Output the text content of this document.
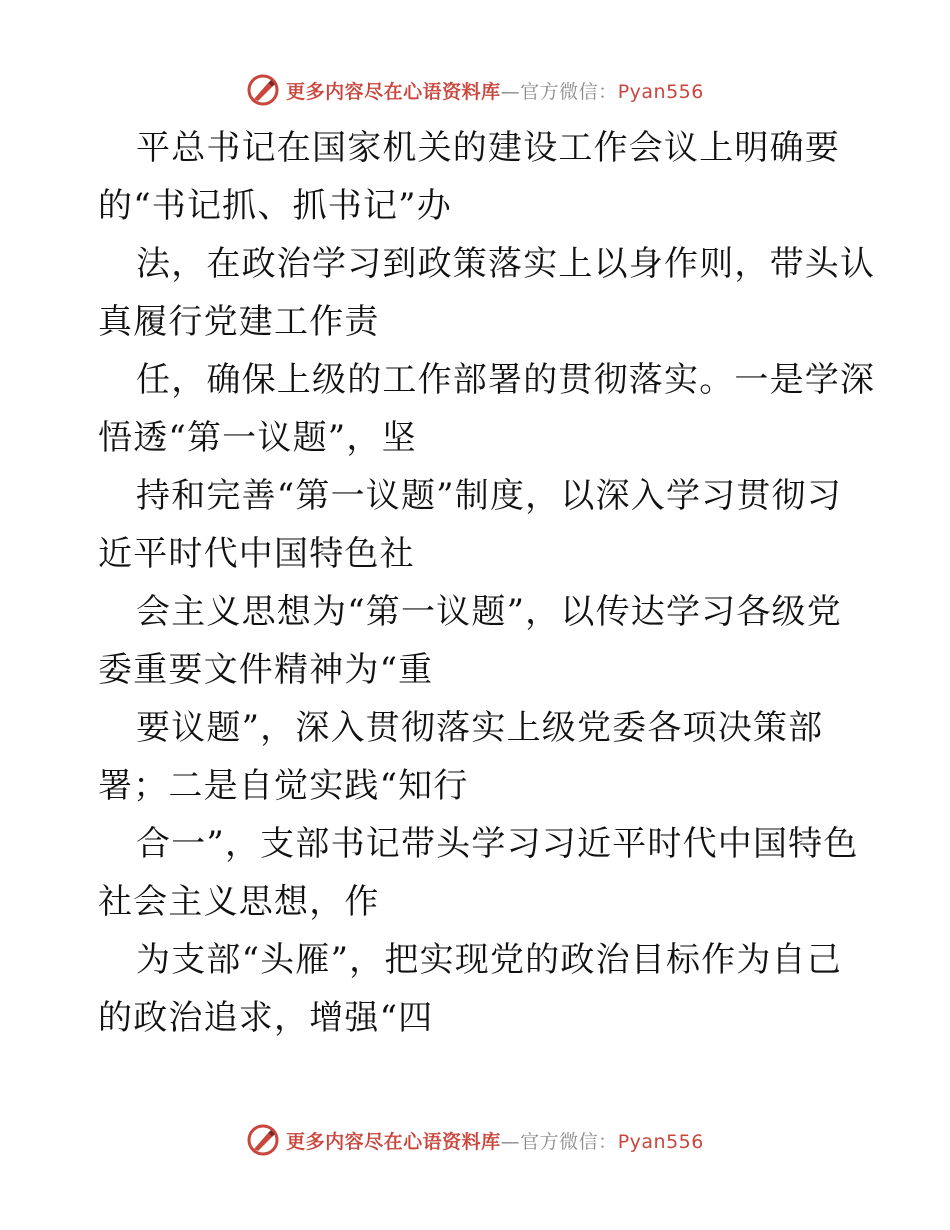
更多内容尽在心语资料库—官方微信：Pyan556
平总书记在国家机关的建设工作会议上明确要
的“书记抓、抓书记”办
法，在政治学习到政策落实上以身作则，带头认
真履行党建工作责
任，确保上级的工作部署的贯彻落实。一是学深
悟透“第一议题”，坚
持和完善“第一议题”制度，以深入学习贯彻习
近平时代中国特色社
会主义思想为“第一议题”，以传达学习各级党
委重要文件精神为“重
要议题”，深入贯彻落实上级党委各项决策部
署；二是自觉实践“知行
合一”，支部书记带头学习习近平时代中国特色
社会主义思想，作
为支部“头雁”，把实现党的政治目标作为自己
的政治追求，增强“四
更多内容尽在心语资料库—官方微信：Pyan556
